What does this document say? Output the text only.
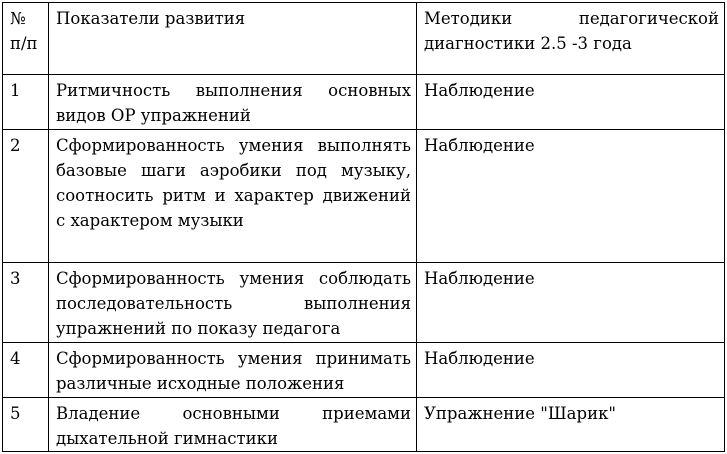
№ п/п	Показатели развития	Методики педагогической диагностики 2.5 -3 года
1	Ритмичность выполнения основных видов ОР упражнений	Наблюдение
2	Сформированность умения выполнять базовые шаги аэробики под музыку, соотносить ритм и характер движений с характером музыки	Наблюдение
3	Сформированность умения соблюдать последовательность выполнения упражнений по показу педагога	Наблюдение
4	Сформированность умения принимать различные исходные положения	Наблюдение
5	Владение основными приемами дыхательной гимнастики	Упражнение "Шарик"
